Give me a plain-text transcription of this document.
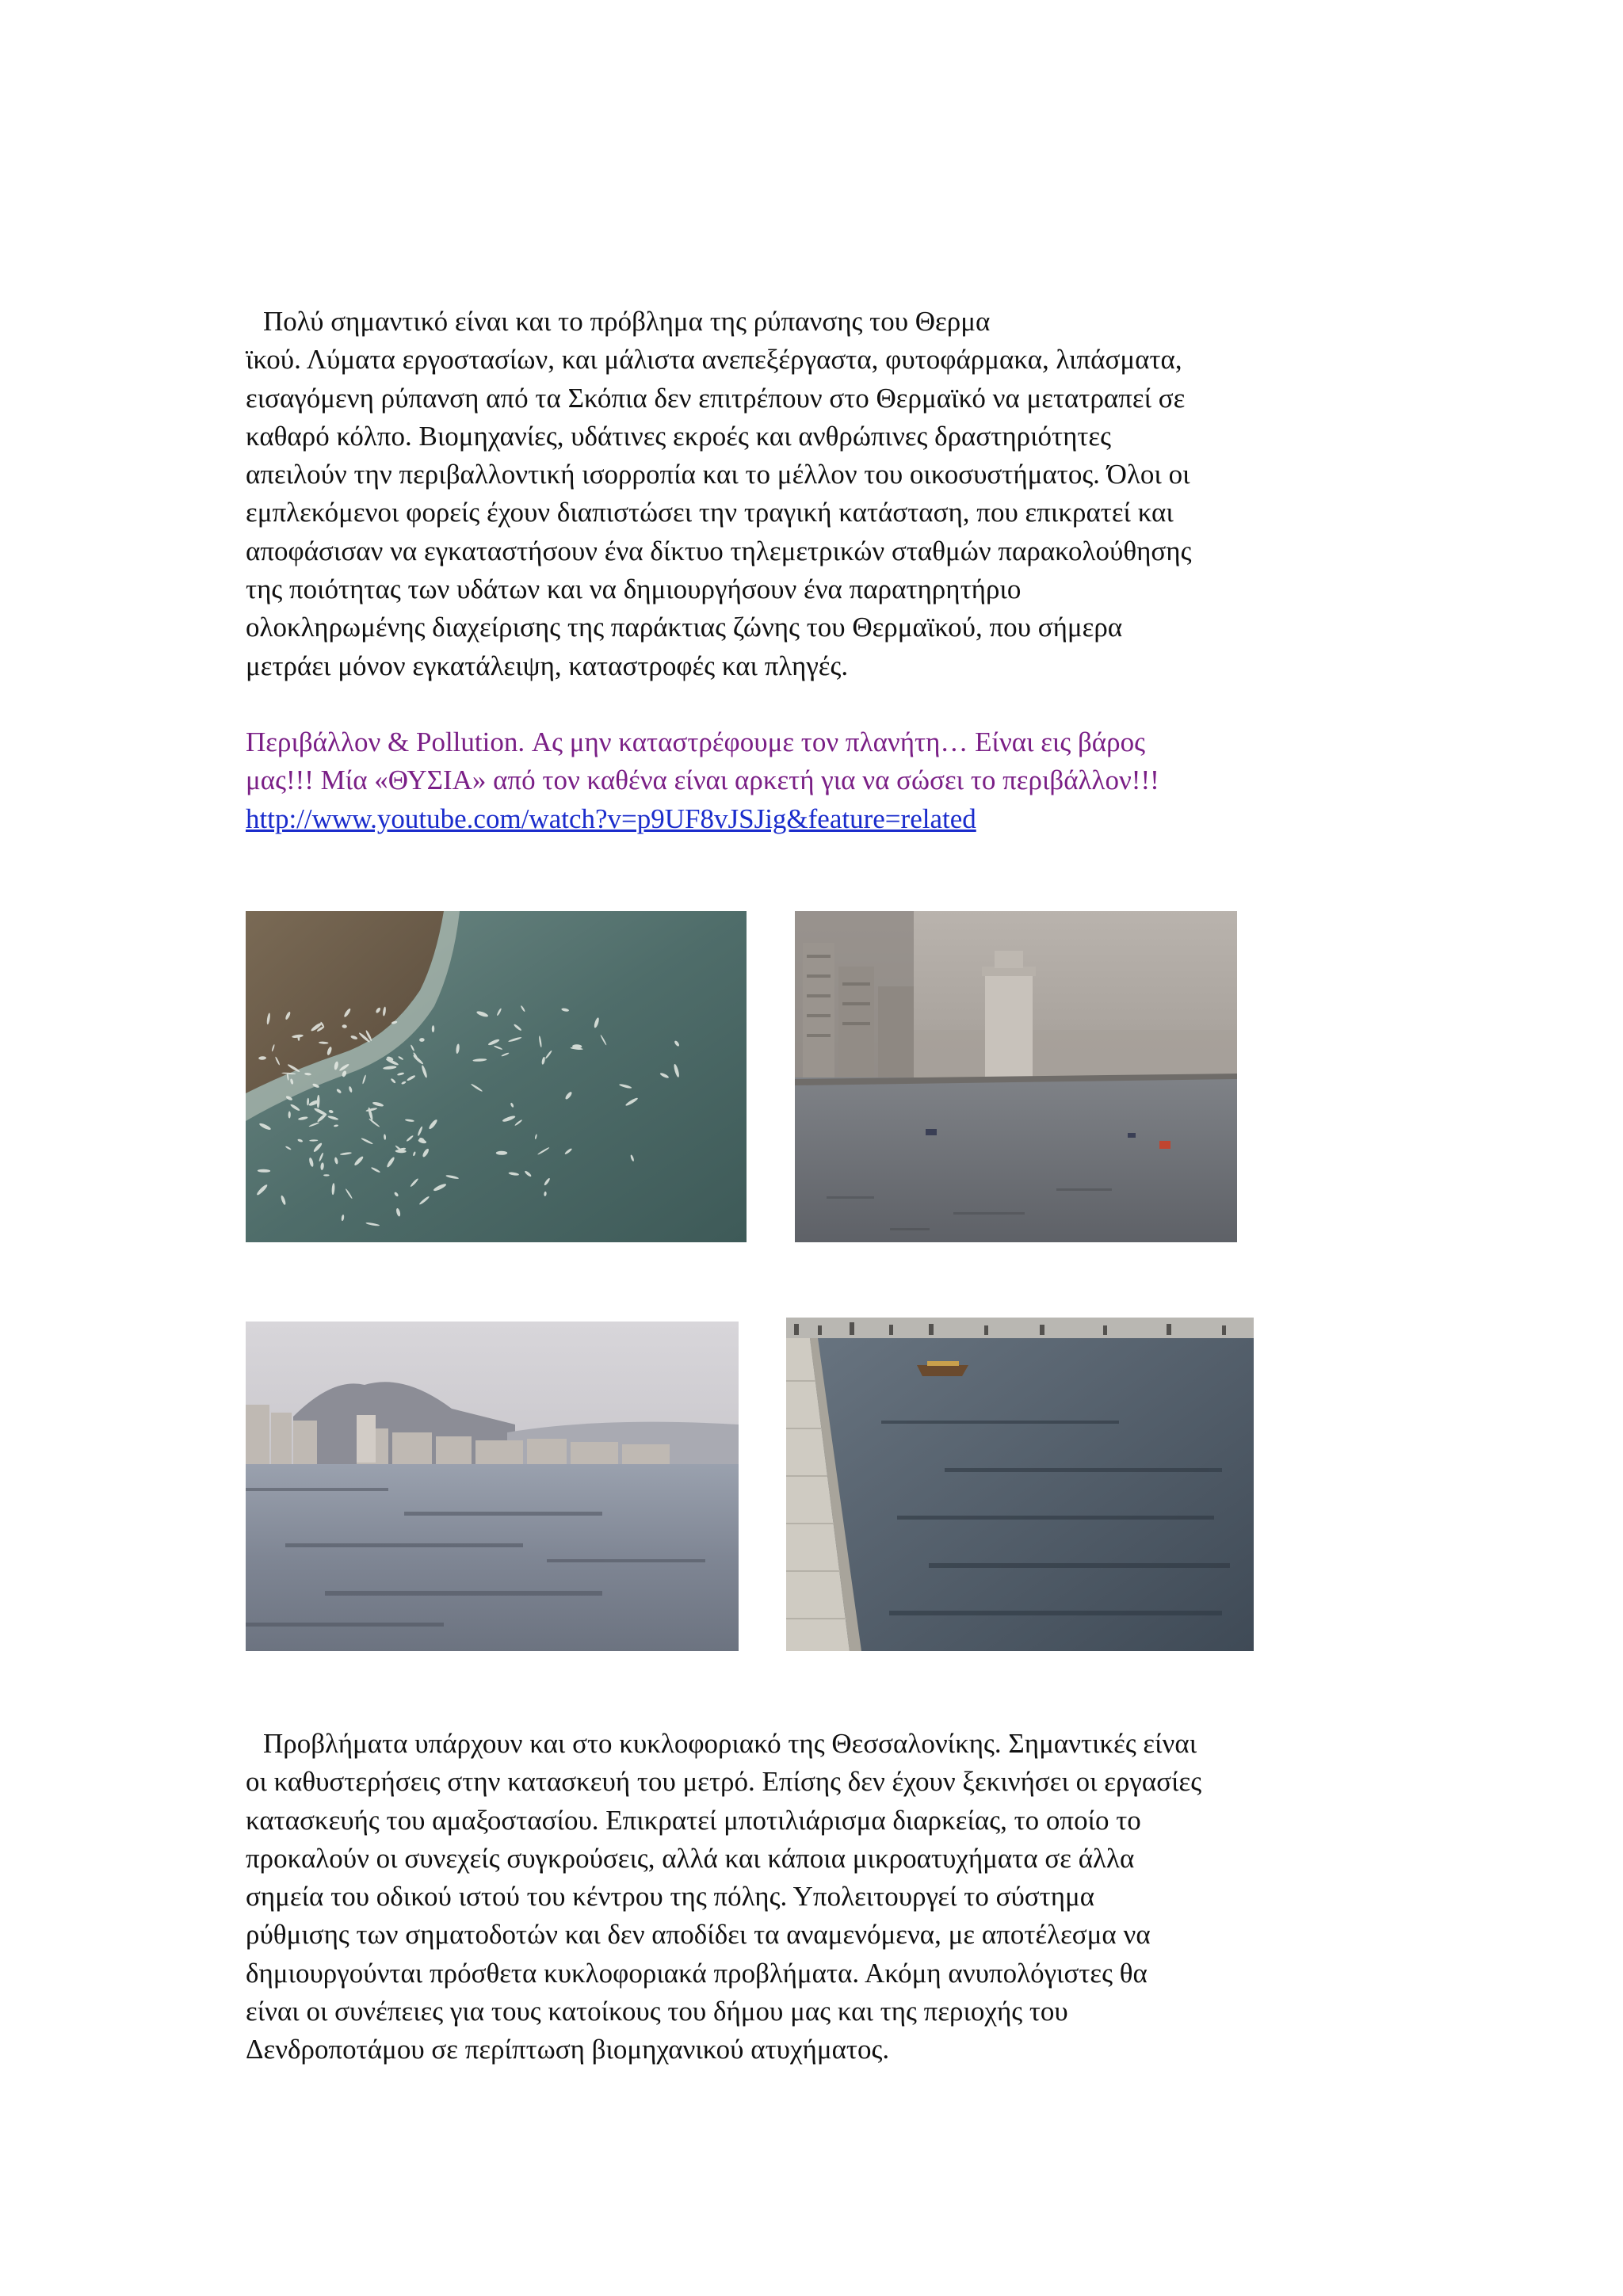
Πολύ σημαντικό είναι και το πρόβλημα της ρύπανσης του Θερμα
ϊκού. Λύματα εργοστασίων, και μάλιστα ανεπεξέργαστα, φυτοφάρμακα, λιπάσματα,
εισαγόμενη ρύπανση από τα Σκόπια δεν επιτρέπουν στο Θερμαϊκό να μετατραπεί σε
καθαρό κόλπο. Βιομηχανίες, υδάτινες εκροές και ανθρώπινες δραστηριότητες
απειλούν την περιβαλλοντική ισορροπία και το μέλλον του οικοσυστήματος. Όλοι οι
εμπλεκόμενοι φορείς έχουν διαπιστώσει την τραγική κατάσταση, που επικρατεί και
αποφάσισαν να εγκαταστήσουν ένα δίκτυο τηλεμετρικών σταθμών παρακολούθησης
της ποιότητας των υδάτων και να δημιουργήσουν ένα παρατηρητήριο
ολοκληρωμένης διαχείρισης της παράκτιας ζώνης του Θερμαϊκού, που σήμερα
μετράει μόνον εγκατάλειψη, καταστροφές και πληγές.
Περιβάλλον & Pollution. Ας μην καταστρέφουμε τον πλανήτη… Είναι εις βάρος
μας!!! Μία «ΘΥΣΙΑ» από τον καθένα είναι αρκετή για να σώσει το περιβάλλον!!!
http://www.youtube.com/watch?v=p9UF8vJSJig&feature=related
Προβλήματα υπάρχουν και στο κυκλοφοριακό της Θεσσαλονίκης. Σημαντικές είναι
οι καθυστερήσεις στην κατασκευή του μετρό. Επίσης δεν έχουν ξεκινήσει οι εργασίες
κατασκευής του αμαξοστασίου. Επικρατεί μποτιλιάρισμα διαρκείας, το οποίο το
προκαλούν οι συνεχείς συγκρούσεις, αλλά και κάποια μικροατυχήματα σε άλλα
σημεία του οδικού ιστού του κέντρου της πόλης. Υπολειτουργεί το σύστημα
ρύθμισης των σηματοδοτών και δεν αποδίδει τα αναμενόμενα, με αποτέλεσμα να
δημιουργούνται πρόσθετα κυκλοφοριακά προβλήματα. Ακόμη ανυπολόγιστες θα
είναι οι συνέπειες για τους κατοίκους του δήμου μας και της περιοχής του
Δενδροποτάμου σε περίπτωση βιομηχανικού ατυχήματος.
